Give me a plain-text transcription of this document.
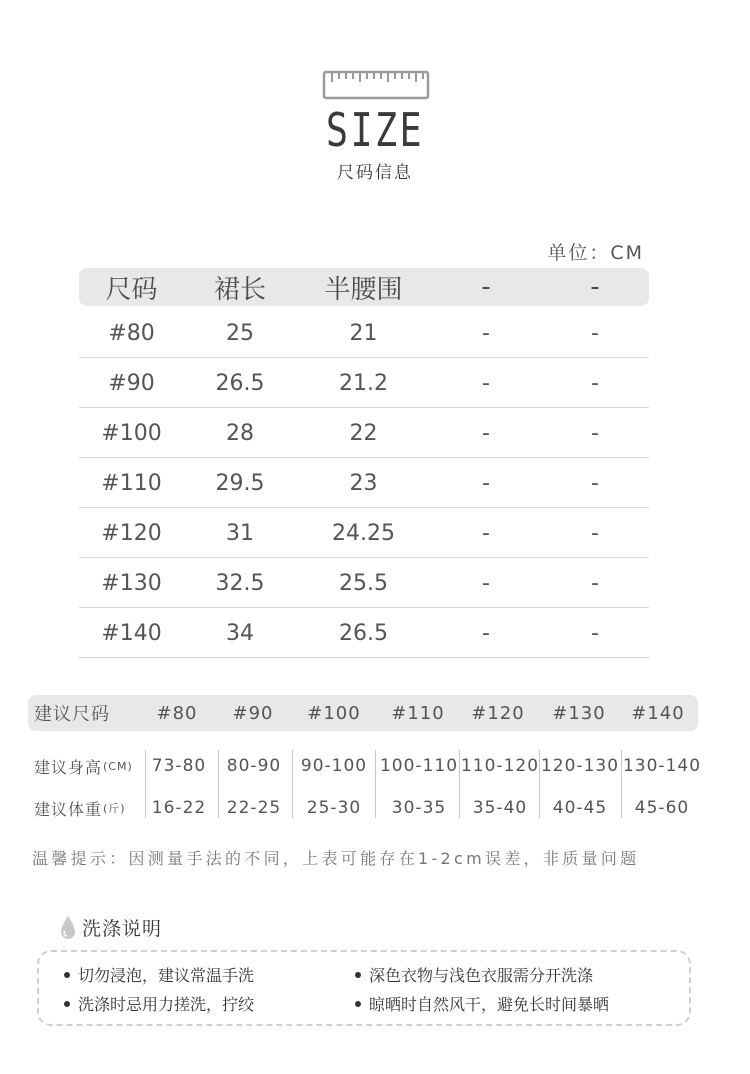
SIZE
尺码信息
单位：CM
尺码	裙长	半腰围	-	-
#80	25	21	-	-
#90	26.5	21.2	-	-
#100	28	22	-	-
#110	29.5	23	-	-
#120	31	24.25	-	-
#130	32.5	25.5	-	-
#140	34	26.5	-	-
建议尺码	#80	#90	#100	#110	#120	#130	#140
建议身高 (CM) 73-80	80-90	90-100 100-110 110-120 120-130 130-140
建议体重 (斤) 16-22	22-25	25-30	30-35	35-40	40-45	45-60
温馨提示：因测量手法的不同，上表可能存在1-2cm误差，非质量问题
洗涤说明
切勿浸泡，建议常温手洗	深色衣物与浅色衣服需分开洗涤
洗涤时忌用力搓洗，拧绞	晾晒时自然风干，避免长时间暴晒
